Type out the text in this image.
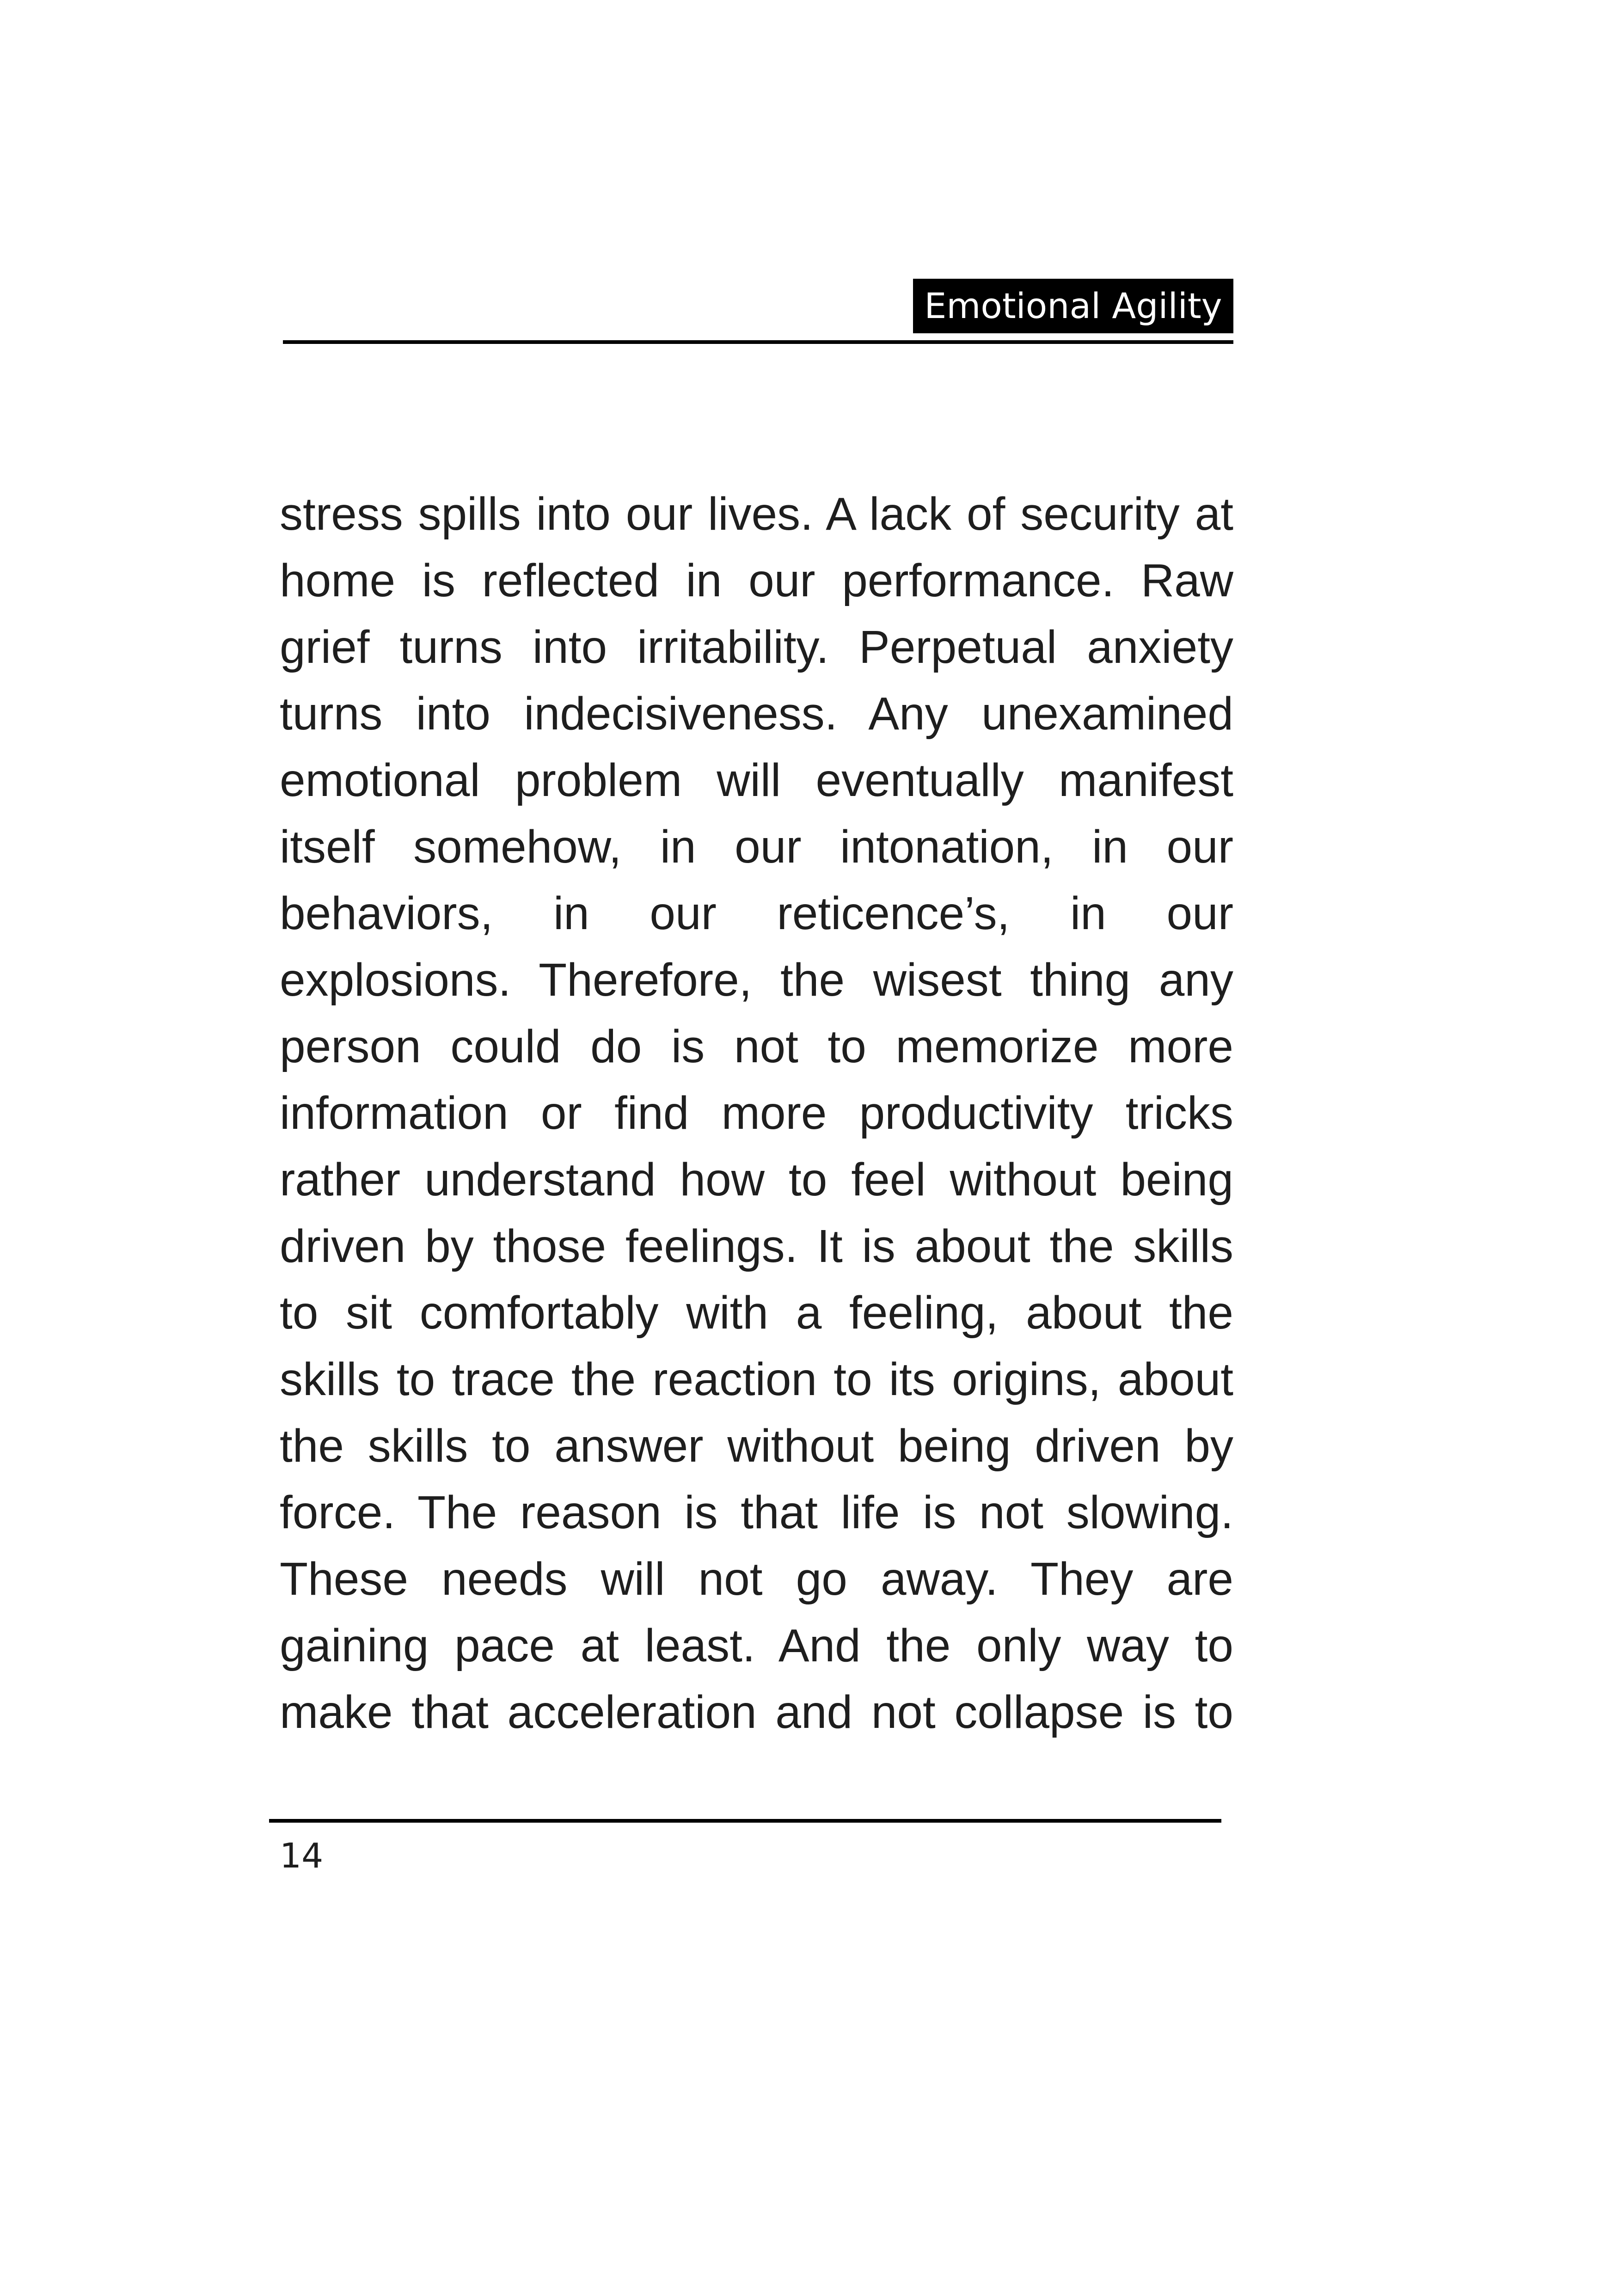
Emotional Agility
stress spills into our lives. A lack of security at
home is reflected in our performance. Raw
grief turns into irritability. Perpetual anxiety
turns into indecisiveness. Any unexamined
emotional problem will eventually manifest
itself somehow, in our intonation, in our
behaviors, in our reticence’s, in our
explosions. Therefore, the wisest thing any
person could do is not to memorize more
information or find more productivity tricks
rather understand how to feel without being
driven by those feelings. It is about the skills
to sit comfortably with a feeling, about the
skills to trace the reaction to its origins, about
the skills to answer without being driven by
force. The reason is that life is not slowing.
These needs will not go away. They are
gaining pace at least. And the only way to
make that acceleration and not collapse is to
14
